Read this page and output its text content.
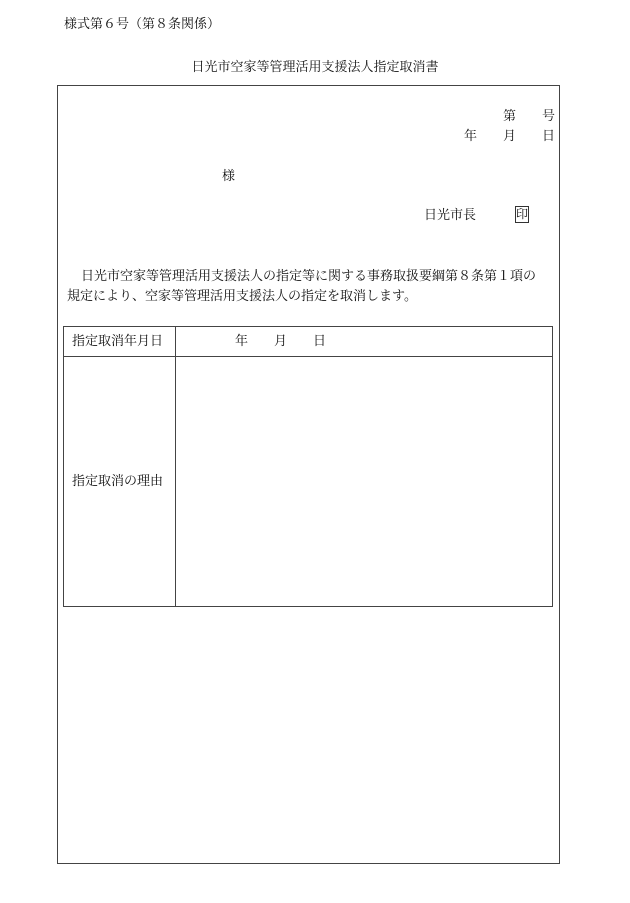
様式第６号（第８条関係）
日光市空家等管理活用支援法人指定取消書
第　　号
年　　月　　日
様
日光市長	印
日光市空家等管理活用支援法人の指定等に関する事務取扱要綱第８条第１項の
規定により、空家等管理活用支援法人の指定を取消します。
指定取消年月日	年　　月　　日
指定取消の理由
